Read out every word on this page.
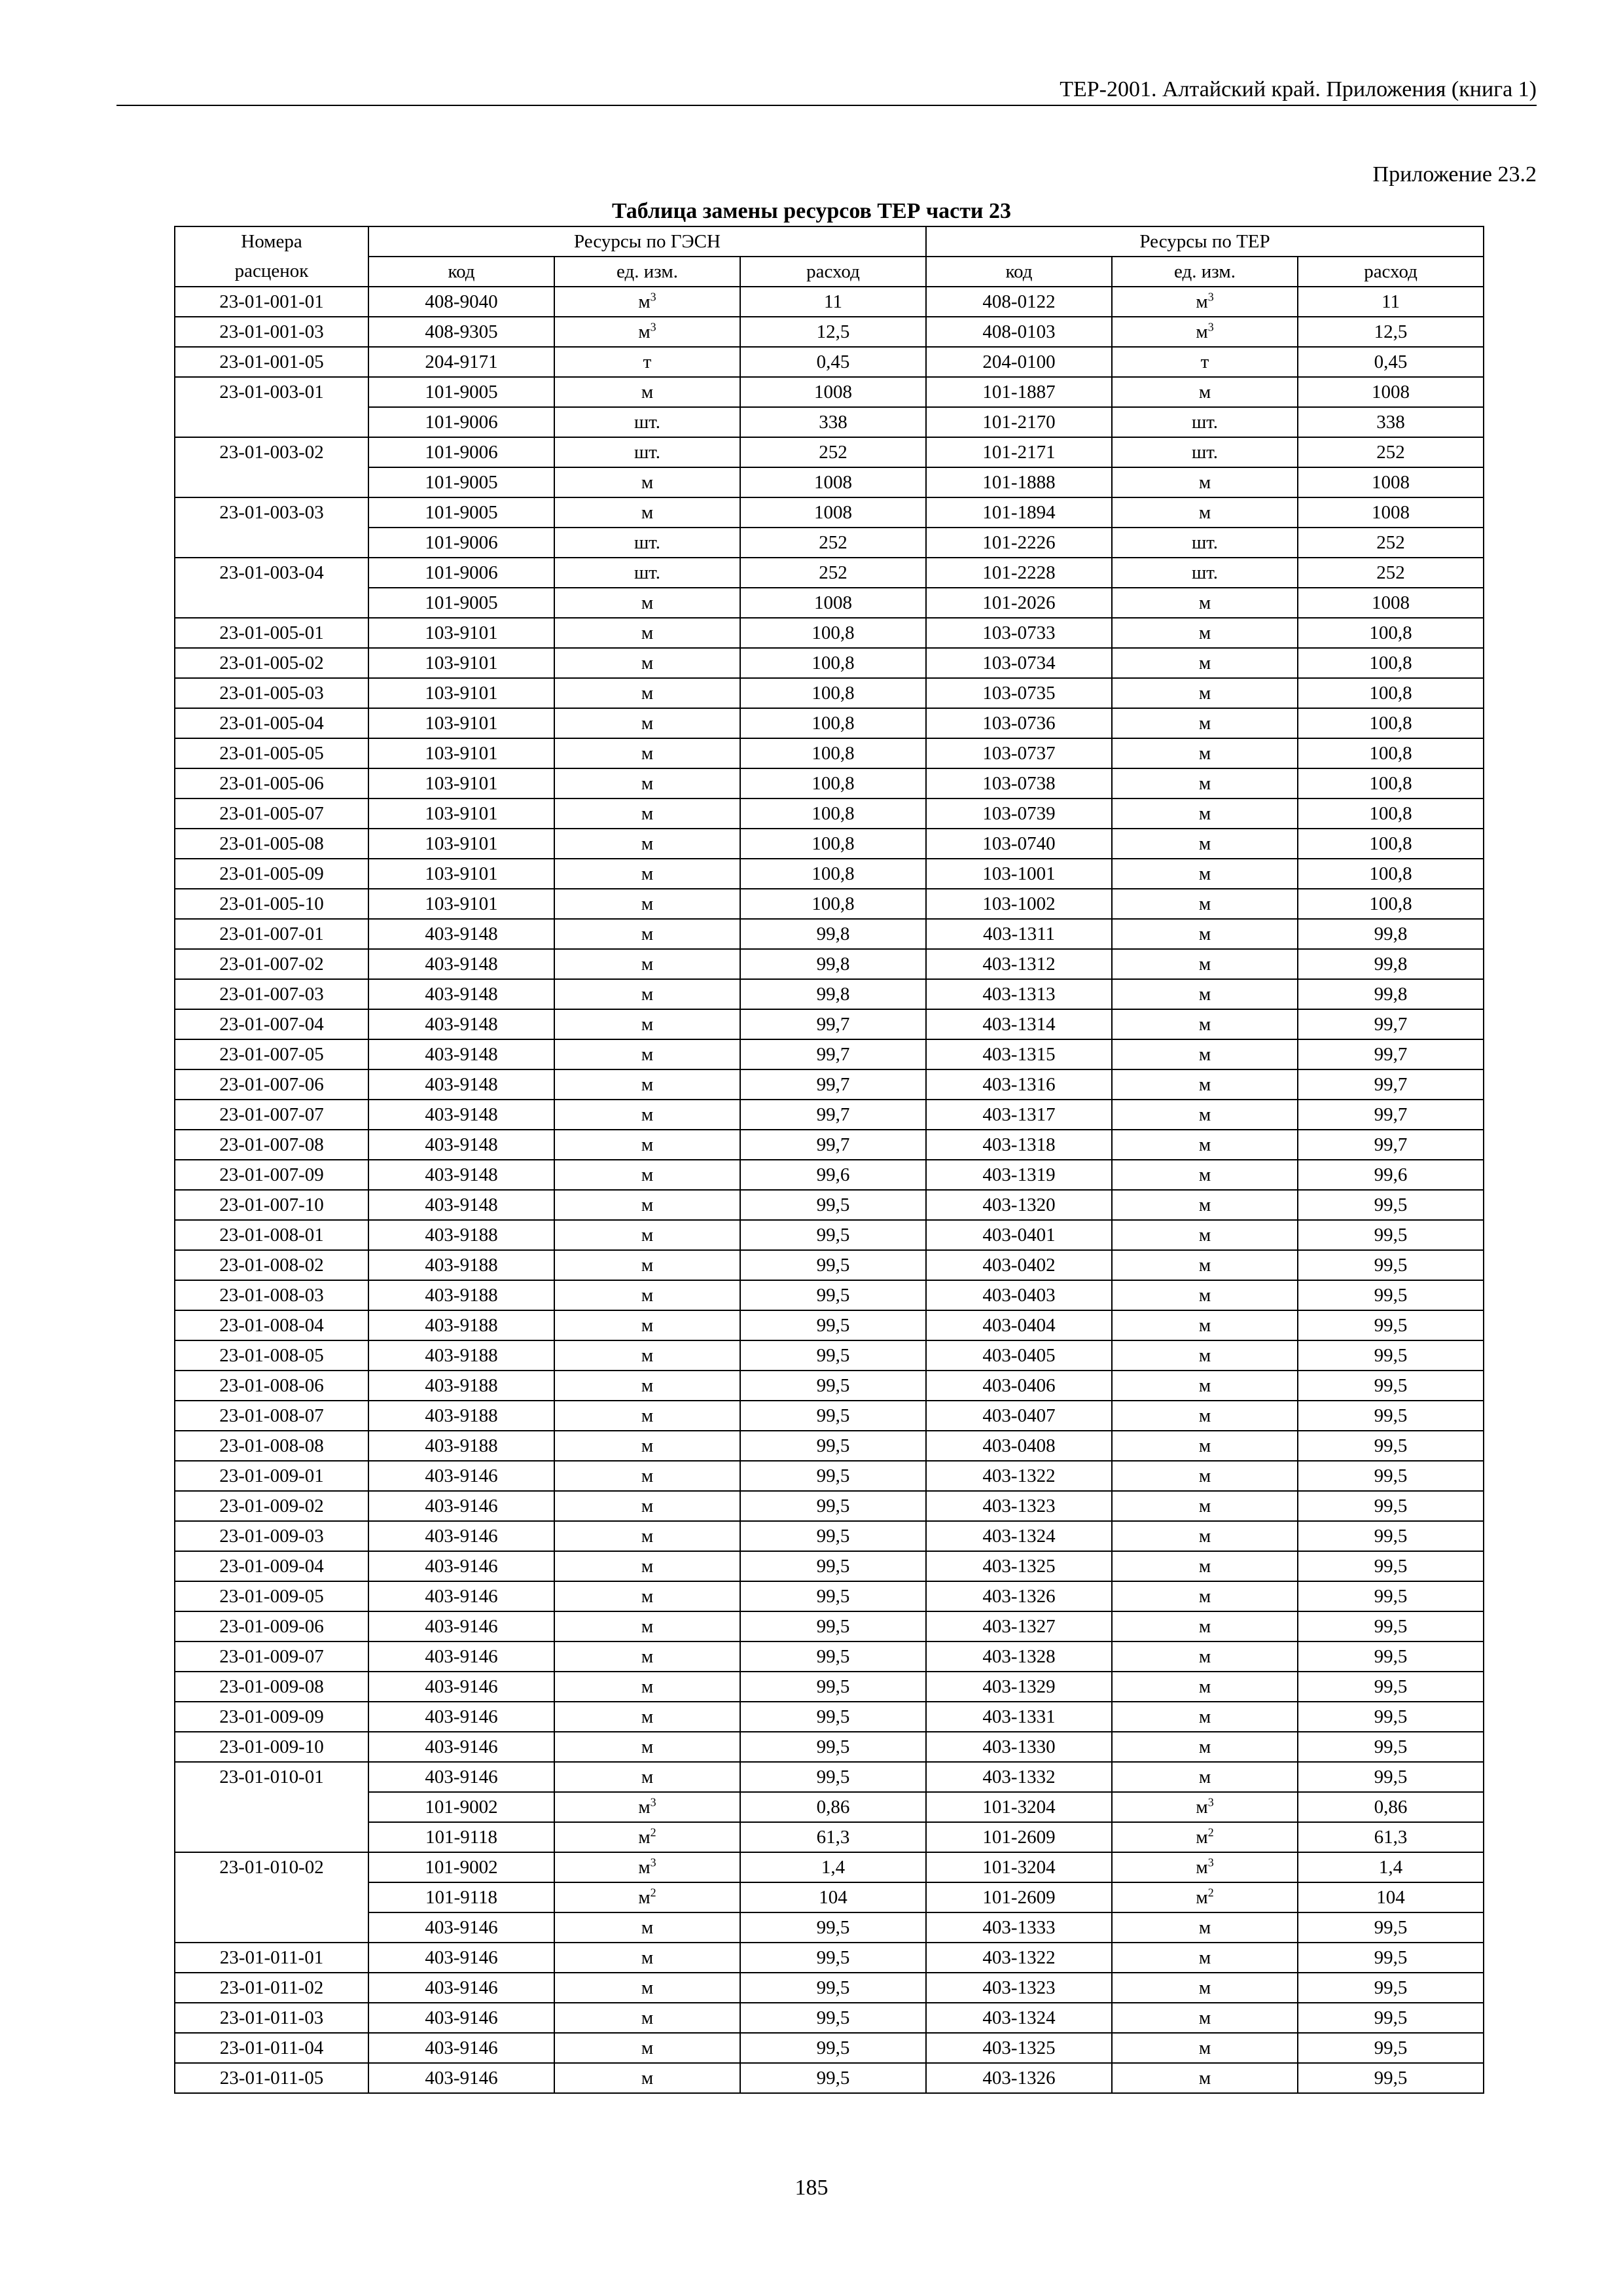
ТЕР-2001. Алтайский край. Приложения (книга 1)
Приложение 23.2
Таблица замены ресурсов ТЕР части 23
Номера	Ресурсы по ГЭСН			Ресурсы по ТЕР		
расценок	код	ед. изм.	расход	код	ед. изм.	расход
23-01-001-01	408-9040	$м^3$	11	408-0122	$м^3$	11
23-01-001-03	408-9305	$м^3$	12,5	408-0103	$м^3$	12,5
23-01-001-05	204-9171	т	0,45	204-0100	т	0,45
23-01-003-01	101-9005	м	1008	101-1887	м	1008
	101-9006	шт.	338	101-2170	шт.	338
23-01-003-02	101-9006	шт.	252	101-2171	шт.	252
	101-9005	м	1008	101-1888	м	1008
23-01-003-03	101-9005	м	1008	101-1894	м	1008
	101-9006	шт.	252	101-2226	шт.	252
23-01-003-04	101-9006	шт.	252	101-2228	шт.	252
	101-9005	м	1008	101-2026	м	1008
23-01-005-01	103-9101	м	100,8	103-0733	м	100,8
23-01-005-02	103-9101	м	100,8	103-0734	м	100,8
23-01-005-03	103-9101	м	100,8	103-0735	м	100,8
23-01-005-04	103-9101	м	100,8	103-0736	м	100,8
23-01-005-05	103-9101	м	100,8	103-0737	м	100,8
23-01-005-06	103-9101	м	100,8	103-0738	м	100,8
23-01-005-07	103-9101	м	100,8	103-0739	м	100,8
23-01-005-08	103-9101	м	100,8	103-0740	м	100,8
23-01-005-09	103-9101	м	100,8	103-1001	м	100,8
23-01-005-10	103-9101	м	100,8	103-1002	м	100,8
23-01-007-01	403-9148	м	99,8	403-1311	м	99,8
23-01-007-02	403-9148	м	99,8	403-1312	м	99,8
23-01-007-03	403-9148	м	99,8	403-1313	м	99,8
23-01-007-04	403-9148	м	99,7	403-1314	м	99,7
23-01-007-05	403-9148	м	99,7	403-1315	м	99,7
23-01-007-06	403-9148	м	99,7	403-1316	м	99,7
23-01-007-07	403-9148	м	99,7	403-1317	м	99,7
23-01-007-08	403-9148	м	99,7	403-1318	м	99,7
23-01-007-09	403-9148	м	99,6	403-1319	м	99,6
23-01-007-10	403-9148	м	99,5	403-1320	м	99,5
23-01-008-01	403-9188	м	99,5	403-0401	м	99,5
23-01-008-02	403-9188	м	99,5	403-0402	м	99,5
23-01-008-03	403-9188	м	99,5	403-0403	м	99,5
23-01-008-04	403-9188	м	99,5	403-0404	м	99,5
23-01-008-05	403-9188	м	99,5	403-0405	м	99,5
23-01-008-06	403-9188	м	99,5	403-0406	м	99,5
23-01-008-07	403-9188	м	99,5	403-0407	м	99,5
23-01-008-08	403-9188	м	99,5	403-0408	м	99,5
23-01-009-01	403-9146	м	99,5	403-1322	м	99,5
23-01-009-02	403-9146	м	99,5	403-1323	м	99,5
23-01-009-03	403-9146	м	99,5	403-1324	м	99,5
23-01-009-04	403-9146	м	99,5	403-1325	м	99,5
23-01-009-05	403-9146	м	99,5	403-1326	м	99,5
23-01-009-06	403-9146	м	99,5	403-1327	м	99,5
23-01-009-07	403-9146	м	99,5	403-1328	м	99,5
23-01-009-08	403-9146	м	99,5	403-1329	м	99,5
23-01-009-09	403-9146	м	99,5	403-1331	м	99,5
23-01-009-10	403-9146	м	99,5	403-1330	м	99,5
23-01-010-01	403-9146	м	99,5	403-1332	м	99,5
	101-9002	$м^3$	0,86	101-3204	$м^3$	0,86
	101-9118	$м^2$	61,3	101-2609	$м^2$	61,3
23-01-010-02	101-9002	$м^3$	1,4	101-3204	$м^3$	1,4
	101-9118	$м^2$	104	101-2609	$м^2$	104
	403-9146	м	99,5	403-1333	м	99,5
23-01-011-01	403-9146	м	99,5	403-1322	м	99,5
23-01-011-02	403-9146	м	99,5	403-1323	м	99,5
23-01-011-03	403-9146	м	99,5	403-1324	м	99,5
23-01-011-04	403-9146	м	99,5	403-1325	м	99,5
23-01-011-05	403-9146	м	99,5	403-1326	м	99,5
185
